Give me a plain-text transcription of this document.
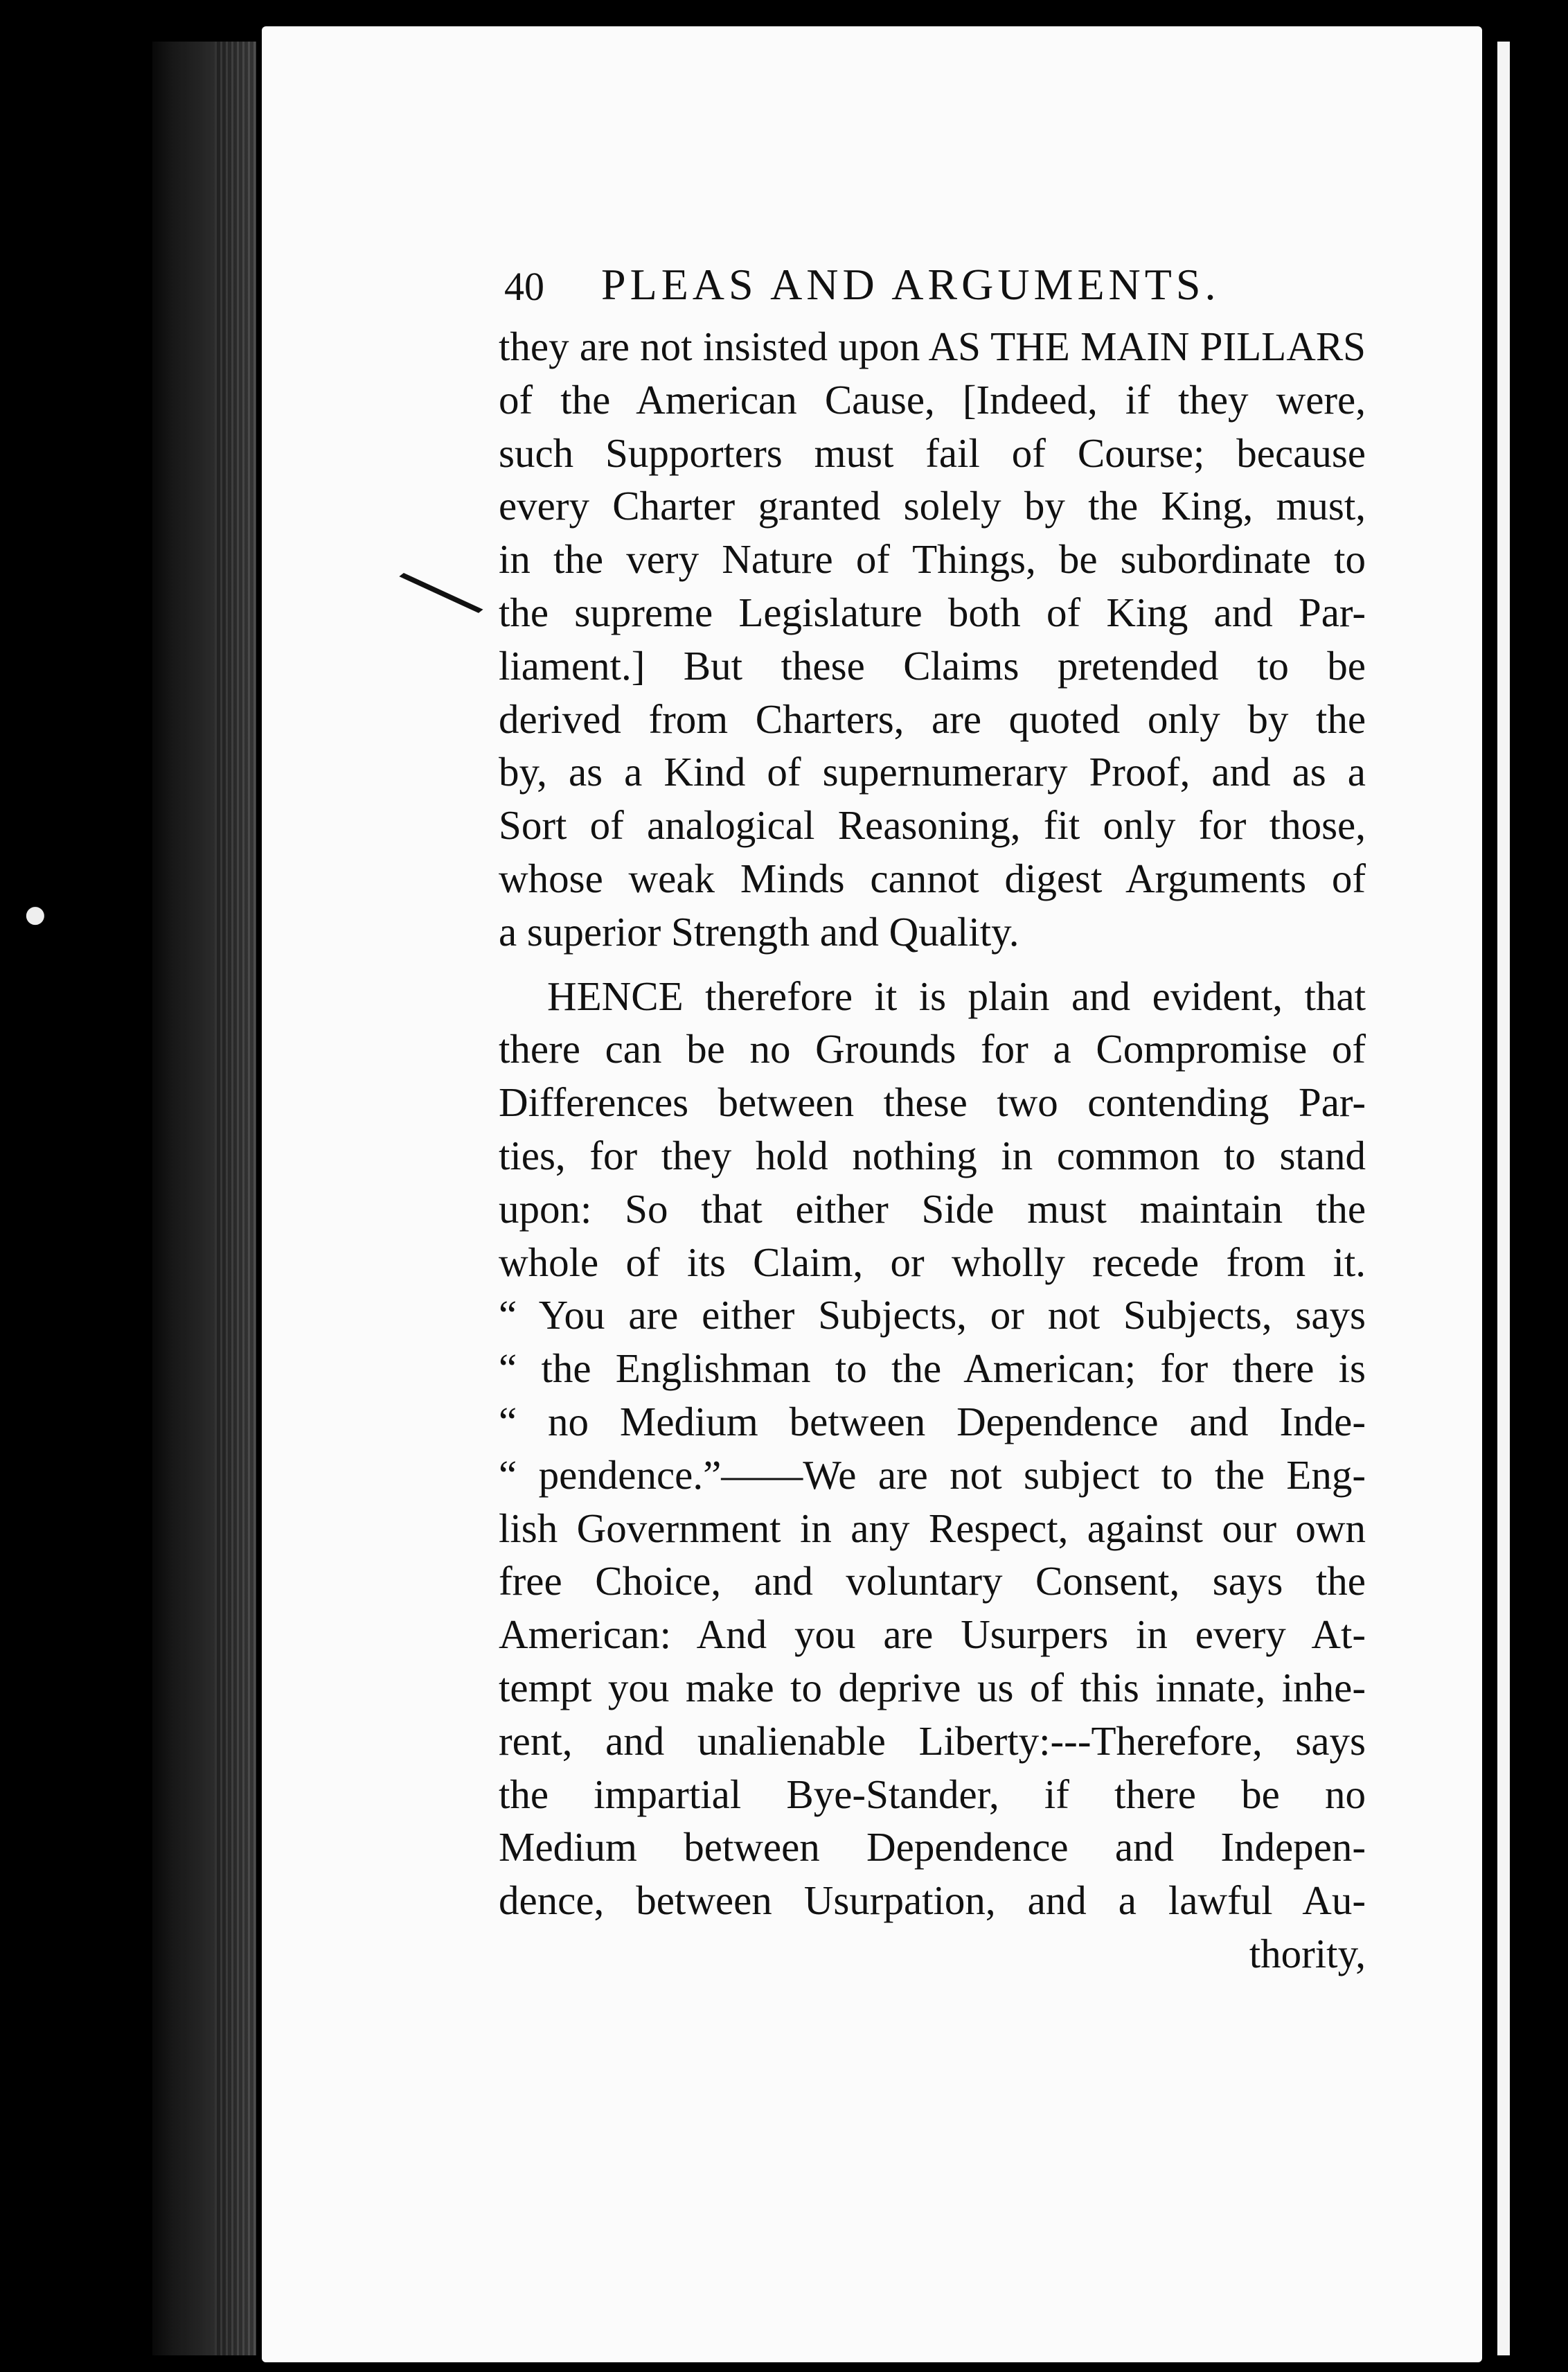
●
╲
40 PLEAS AND ARGUMENTS.
they are not insisted upon AS THE MAIN PILLARS
of the American Cause, [Indeed, if they were,
such Supporters must fail of Course; because
every Charter granted solely by the King, must,
in the very Nature of Things, be subordinate to
the supreme Legislature both of King and Par-
liament.] But these Claims pretended to be
derived from Charters, are quoted only by the
by, as a Kind of supernumerary Proof, and as a
Sort of analogical Reasoning, fit only for those,
whose weak Minds cannot digest Arguments of
a superior Strength and Quality.
HENCE therefore it is plain and evident, that
there can be no Grounds for a Compromise of
Differences between these two contending Par-
ties, for they hold nothing in common to stand
upon: So that either Side must maintain the
whole of its Claim, or wholly recede from it.
“ You are either Subjects, or not Subjects, says
“ the Englishman to the American; for there is
“ no Medium between Dependence and Inde-
“ pendence.”——We are not subject to the Eng-
lish Government in any Respect, against our own
free Choice, and voluntary Consent, says the
American: And you are Usurpers in every At-
tempt you make to deprive us of this innate, inhe-
rent, and unalienable Liberty:---Therefore, says
the impartial Bye-Stander, if there be no
Medium between Dependence and Indepen-
dence, between Usurpation, and a lawful Au-
thority,
